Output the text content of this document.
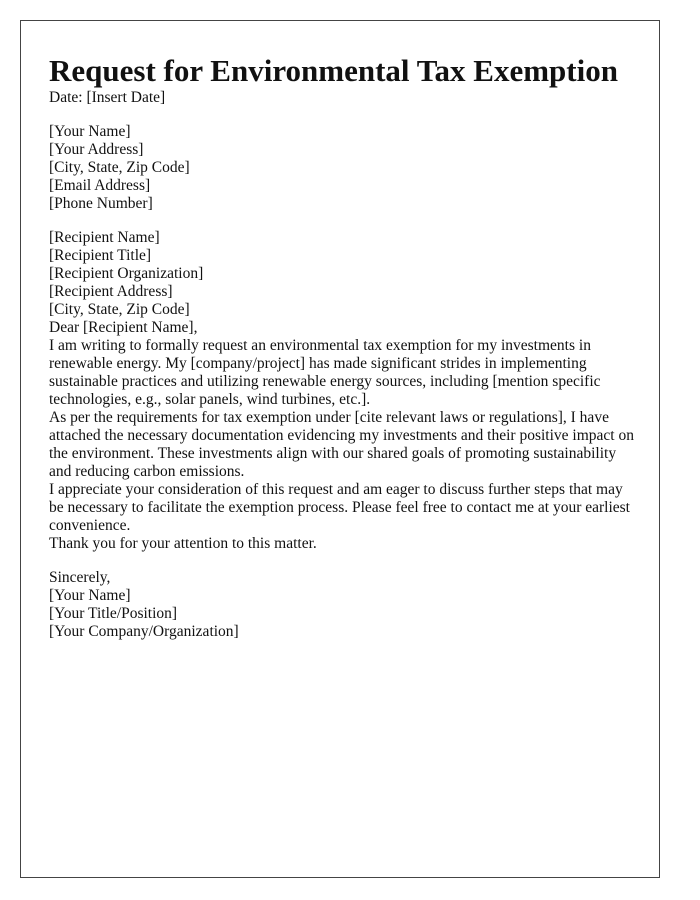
Request for Environmental Tax Exemption

Date: [Insert Date]

[Your Name]
[Your Address]
[City, State, Zip Code]
[Email Address]
[Phone Number]
[Recipient Name]
[Recipient Title]
[Recipient Organization]
[Recipient Address]
[City, State, Zip Code]

Dear [Recipient Name],

I am writing to formally request an environmental tax exemption for my investments in renewable energy. My [company/project] has made significant strides in implementing sustainable practices and utilizing renewable energy sources, including [mention specific technologies, e.g., solar panels, wind turbines, etc.].

As per the requirements for tax exemption under [cite relevant laws or regulations], I have attached the necessary documentation evidencing my investments and their positive impact on the environment. These investments align with our shared goals of promoting sustainability and reducing carbon emissions.

I appreciate your consideration of this request and am eager to discuss further steps that may be necessary to facilitate the exemption process. Please feel free to contact me at your earliest convenience.

Thank you for your attention to this matter.

Sincerely,
[Your Name]
[Your Title/Position]
[Your Company/Organization]
